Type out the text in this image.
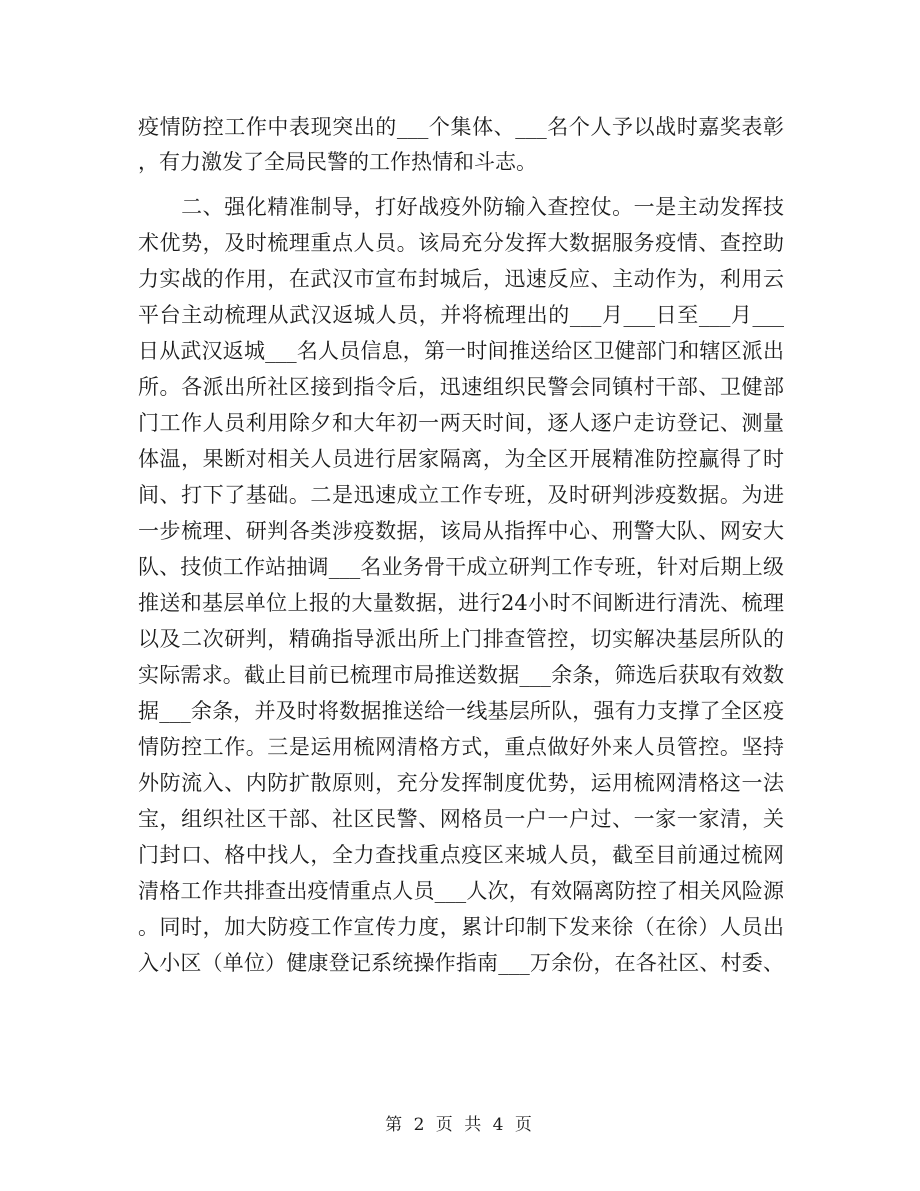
疫情防控工作中表现突出的___个集体、___名个人予以战时嘉奖表彰
，有力激发了全局民警的工作热情和斗志。
　　二、强化精准制导，打好战疫外防输入查控仗。一是主动发挥技
术优势，及时梳理重点人员。该局充分发挥大数据服务疫情、查控助
力实战的作用，在武汉市宣布封城后，迅速反应、主动作为，利用云
平台主动梳理从武汉返城人员，并将梳理出的___月___日至___月___
日从武汉返城___名人员信息，第一时间推送给区卫健部门和辖区派出
所。各派出所社区接到指令后，迅速组织民警会同镇村干部、卫健部
门工作人员利用除夕和大年初一两天时间，逐人逐户走访登记、测量
体温，果断对相关人员进行居家隔离，为全区开展精准防控赢得了时
间、打下了基础。二是迅速成立工作专班，及时研判涉疫数据。为进
一步梳理、研判各类涉疫数据，该局从指挥中心、刑警大队、网安大
队、技侦工作站抽调___名业务骨干成立研判工作专班，针对后期上级
推送和基层单位上报的大量数据，进行24小时不间断进行清洗、梳理
以及二次研判，精确指导派出所上门排查管控，切实解决基层所队的
实际需求。截止目前已梳理市局推送数据___余条，筛选后获取有效数
据___余条，并及时将数据推送给一线基层所队，强有力支撑了全区疫
情防控工作。三是运用梳网清格方式，重点做好外来人员管控。坚持
外防流入、内防扩散原则，充分发挥制度优势，运用梳网清格这一法
宝，组织社区干部、社区民警、网格员一户一户过、一家一家清，关
门封口、格中找人，全力查找重点疫区来城人员，截至目前通过梳网
清格工作共排查出疫情重点人员___人次，有效隔离防控了相关风险源
。同时，加大防疫工作宣传力度，累计印制下发来徐（在徐）人员出
入小区（单位）健康登记系统操作指南___万余份，在各社区、村委、
第 2 页 共 4 页
